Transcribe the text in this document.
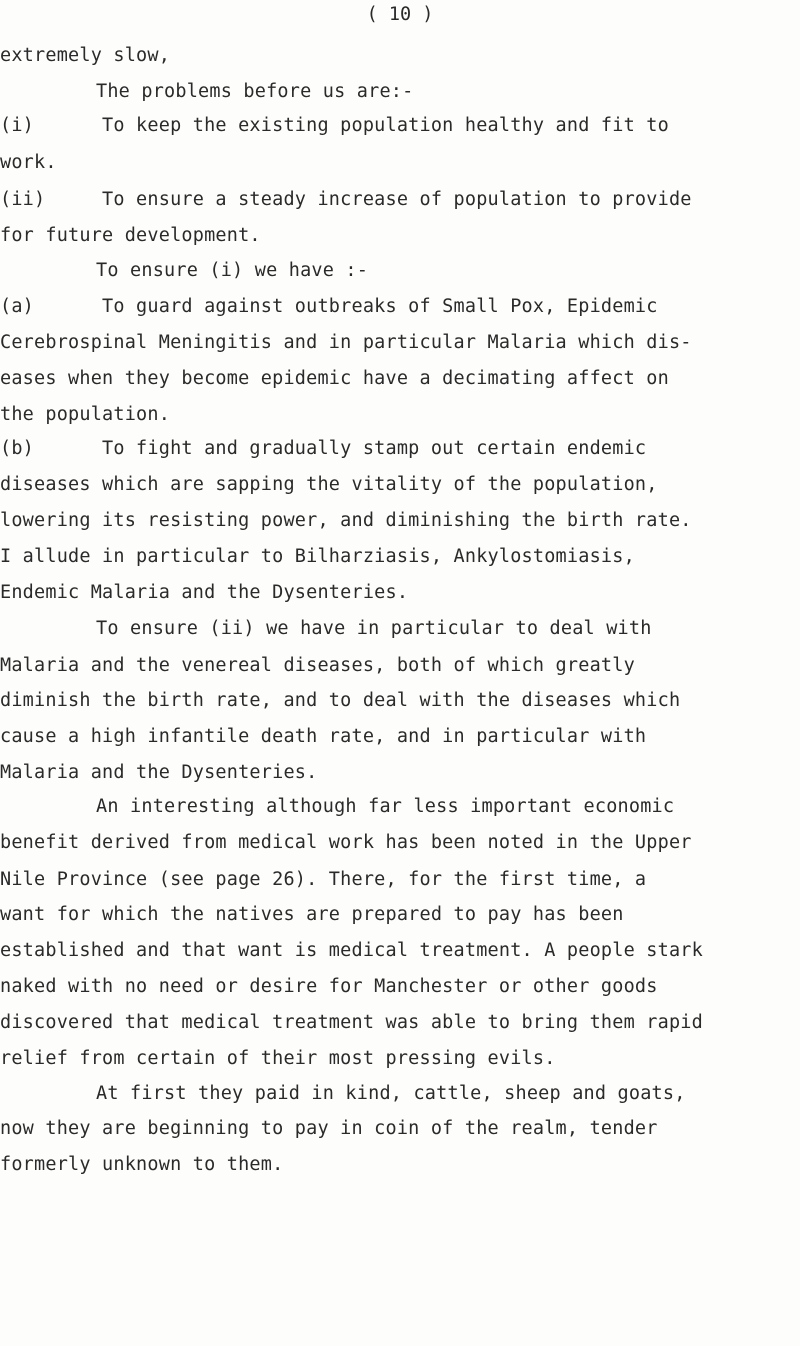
( 10 )
extremely slow,
The problems before us are:-
(i)      To keep the existing population healthy and fit to
work.
(ii)     To ensure a steady increase of population to provide
for future development.
To ensure (i) we have :-
(a)      To guard against outbreaks of Small Pox, Epidemic
Cerebrospinal Meningitis and in particular Malaria which dis-
eases when they become epidemic have a decimating affect on
the population.
(b)      To fight and gradually stamp out certain endemic
diseases which are sapping the vitality of the population,
lowering its resisting power, and diminishing the birth rate.
I allude in particular to Bilharziasis, Ankylostomiasis,
Endemic Malaria and the Dysenteries.
To ensure (ii) we have in particular to deal with
Malaria and the venereal diseases, both of which greatly
diminish the birth rate, and to deal with the diseases which
cause a high infantile death rate, and in particular with
Malaria and the Dysenteries.
An interesting although far less important economic
benefit derived from medical work has been noted in the Upper
Nile Province (see page 26). There, for the first time, a
want for which the natives are prepared to pay has been
established and that want is medical treatment. A people stark
naked with no need or desire for Manchester or other goods
discovered that medical treatment was able to bring them rapid
relief from certain of their most pressing evils.
At first they paid in kind, cattle, sheep and goats,
now they are beginning to pay in coin of the realm, tender
formerly unknown to them.
